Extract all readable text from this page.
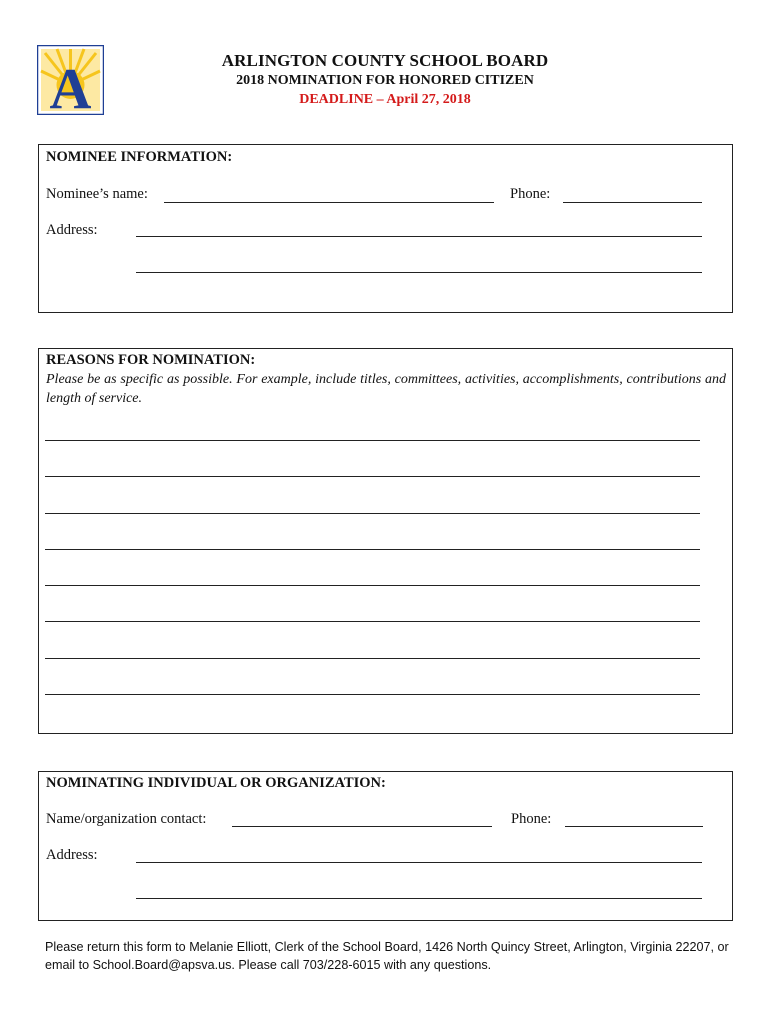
A	ARLINGTON COUNTY SCHOOL BOARD
2018 NOMINATION FOR HONORED CITIZEN
DEADLINE – April 27, 2018
NOMINEE INFORMATION:
Nominee’s name:	Phone:
Address:
REASONS FOR NOMINATION:
Please be as specific as possible. For example, include titles, committees, activities, accomplishments, contributions and length of service.
NOMINATING INDIVIDUAL OR ORGANIZATION:
Name/organization contact:	Phone:
Address:
Please return this form to Melanie Elliott, Clerk of the School Board, 1426 North Quincy Street, Arlington, Virginia 22207, or email to School.Board@apsva.us. Please call 703/228-6015 with any questions.
